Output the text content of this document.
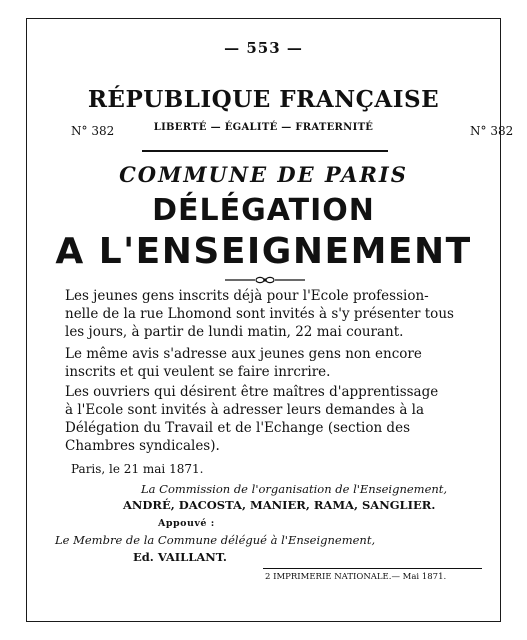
— 553 —
RÉPUBLIQUE FRANÇAISE
LIBERTÉ — ÉGALITÉ — FRATERNITÉ
N° 382	N° 382
COMMUNE DE PARIS
DÉLÉGATION
A L'ENSEIGNEMENT
Les jeunes gens inscrits déjà pour l'Ecole profession-
nelle de la rue Lhomond sont invités à s'y présenter tous
les jours, à partir de lundi matin, 22 mai courant.
Le même avis s'adresse aux jeunes gens non encore
inscrits et qui veulent se faire inrcrire.
Les ouvriers qui désirent être maîtres d'apprentissage
à l'Ecole sont invités à adresser leurs demandes à la
Délégation du Travail et de l'Echange (section des
Chambres syndicales).
Paris, le 21 mai 1871.
La Commission de l'organisation de l'Enseignement,
ANDRÉ, DACOSTA, MANIER, RAMA, SANGLIER.
Appouvé :
Le Membre de la Commune délégué à l'Enseignement,
Ed. VAILLANT.
2 IMPRIMERIE NATIONALE.— Mai 1871.
